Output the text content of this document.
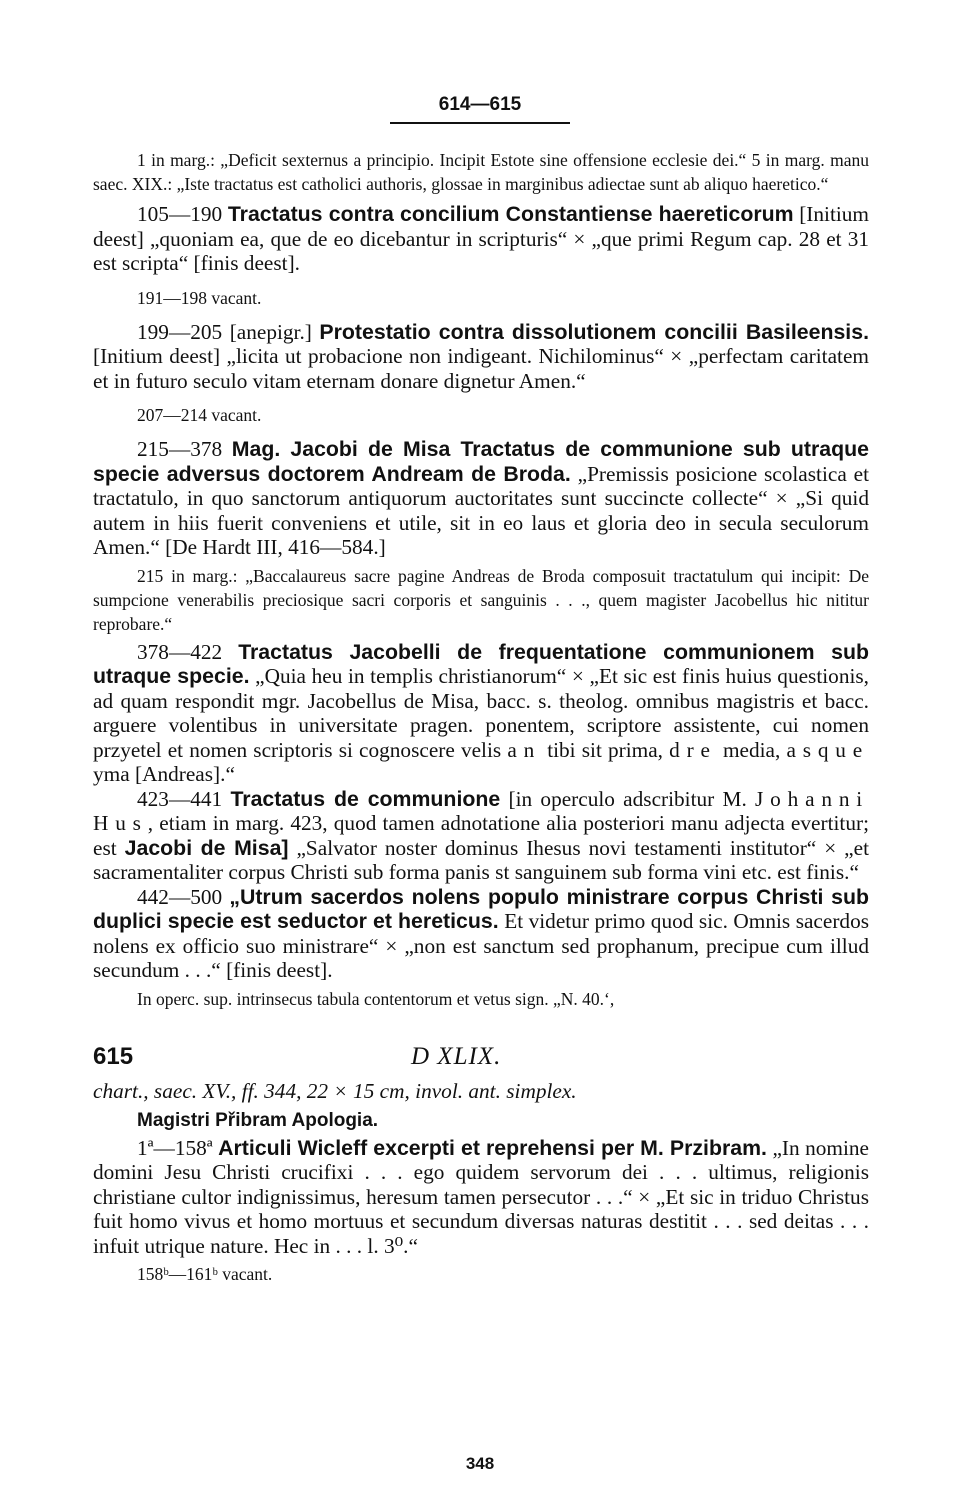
614—615

1 in marg.: „Deficit sexternus a principio. Incipit Estote sine offensione ecclesie dei.“ 5 in marg. manu saec. XIX.: „Iste tractatus est catholici authoris, glossae in marginibus adiectae sunt ab aliquo haeretico.“

105—190 Tractatus contra concilium Constantiense haereticorum [Initium deest] „quoniam ea, que de eo dicebantur in scripturis“ × „que primi Regum cap. 28 et 31 est scripta“ [finis deest].

191—198 vacant.

199—205 [anepigr.] Protestatio contra dissolutionem concilii Basileensis. [Initium deest] „licita ut probacione non indigeant. Nichilominus“ × „perfectam caritatem et in futuro seculo vitam eternam donare dignetur Amen.“

207—214 vacant.

215—378 Mag. Jacobi de Misa Tractatus de communione sub utraque specie adversus doctorem Andream de Broda. „Premissis posicione scolastica et tractatulo, in quo sanctorum antiquorum auctoritates sunt succincte collecte“ × „Si quid autem in hiis fuerit conveniens et utile, sit in eo laus et gloria deo in secula seculorum Amen.“ [De Hardt III, 416—584.]

215 in marg.: „Baccalaureus sacre pagine Andreas de Broda composuit tractatulum qui incipit: De sumpcione venerabilis preciosique sacri corporis et sanguinis . . ., quem magister Jacobellus hic nititur reprobare.“

378—422 Tractatus Jacobelli de frequentatione communionem sub utraque specie. „Quia heu in templis christianorum“ × „Et sic est finis huius questionis, ad quam respondit mgr. Jacobellus de Misa, bacc. s. theolog. omnibus magistris et bacc. arguere volentibus in universitate pragen. ponentem, scriptore assistente, cui nomen przyetel et nomen scriptoris si cognoscere velis an tibi sit prima, dre media, asque yma [Andreas].“

423—441 Tractatus de communione [in operculo adscribitur M. Johanni Hus, etiam in marg. 423, quod tamen adnotatione alia posteriori manu adjecta evertitur; est Jacobi de Misa] „Salvator noster dominus Ihesus novi testamenti institutor“ × „et sacramentaliter corpus Christi sub forma panis st sanguinem sub forma vini etc. est finis.“

442—500 „Utrum sacerdos nolens populo ministrare corpus Christi sub duplici specie est seductor et hereticus. Et videtur primo quod sic. Omnis sacerdos nolens ex officio suo ministrare“ × „non est sanctum sed prophanum, precipue cum illud secundum . . .“ [finis deest].

In operc. sup. intrinsecus tabula contentorum et vetus sign. „N. 40.‘,

615	D XLIX.
chart., saec. XV., ff. 344, 22 × 15 cm, invol. ant. simplex.

Magistri Přibram Apologia.

1ª—158ª Articuli Wicleff excerpti et reprehensi per M. Przibram. „In nomine domini Jesu Christi crucifixi . . . ego quidem servorum dei . . . ultimus, religionis christiane cultor indignissimus, heresum tamen persecutor . . .“ × „Et sic in triduo Christus fuit homo vivus et homo mortuus et secundum diversas naturas destitit . . . sed deitas . . . infuit utrique nature. Hec in . . . l. 3⁰.“

158ᵇ—161ᵇ vacant.

348
